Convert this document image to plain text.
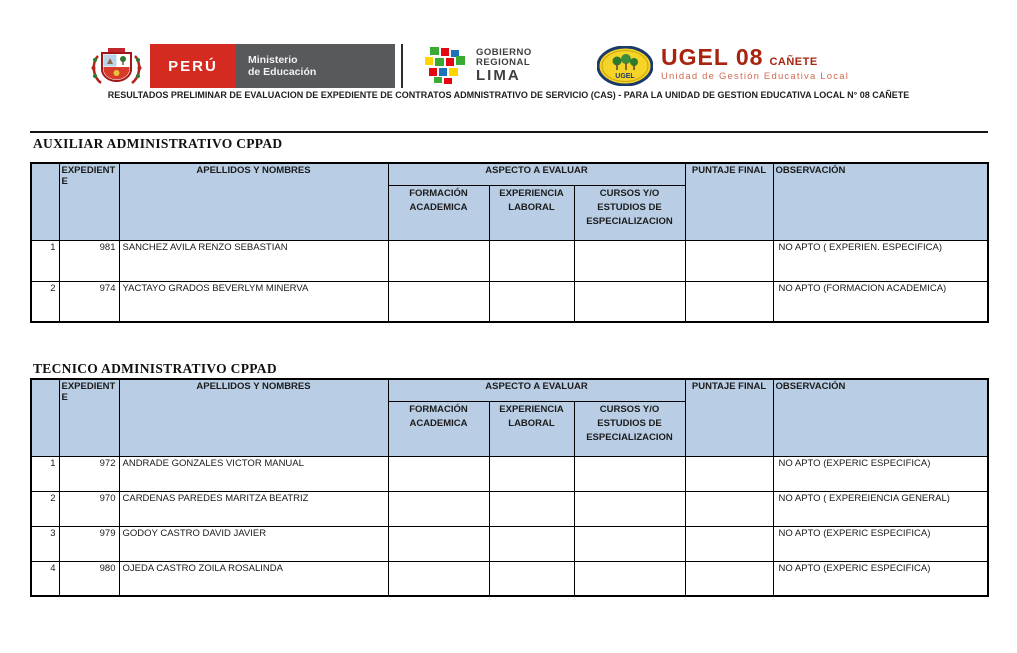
PERÚ	Ministerio
de Educación
GOBIERNO
REGIONAL
LIMA	UGEL
UGEL 08 CAÑETE
Unidad de Gestión Educativa Local
RESULTADOS PRELIMINAR DE EVALUACION DE EXPEDIENTE DE CONTRATOS ADMNISTRATIVO DE SERVICIO (CAS) - PARA LA UNIDAD DE GESTION EDUCATIVA LOCAL N° 08 CAÑETE
AUXILIAR ADMINISTRATIVO CPPAD
	EXPEDIENTE	APELLIDOS Y NOMBRES	ASPECTO A EVALUAR			PUNTAJE FINAL	OBSERVACIÓN
			FORMACIÓN ACADEMICA	EXPERIENCIA LABORAL	CURSOS Y/O ESTUDIOS DE ESPECIALIZACION		
1	981	SANCHEZ AVILA RENZO SEBASTIAN					NO APTO ( EXPERIEN. ESPECIFICA)
2	974	YACTAYO GRADOS BEVERLYM MINERVA					NO APTO (FORMACION ACADEMICA)
TECNICO ADMINISTRATIVO CPPAD
	EXPEDIENTE	APELLIDOS Y NOMBRES	ASPECTO A EVALUAR			PUNTAJE FINAL	OBSERVACIÓN
			FORMACIÓN ACADEMICA	EXPERIENCIA LABORAL	CURSOS Y/O ESTUDIOS DE ESPECIALIZACION		
1	972	ANDRADE GONZALES VICTOR MANUAL					NO APTO (EXPERIC ESPECIFICA)
2	970	CARDENAS PAREDES MARITZA BEATRIZ					NO APTO ( EXPEREIENCIA GENERAL)
3	979	GODOY CASTRO DAVID JAVIER					NO APTO (EXPERIC ESPECIFICA)
4	980	OJEDA CASTRO ZOILA ROSALINDA					NO APTO (EXPERIC ESPECIFICA)
